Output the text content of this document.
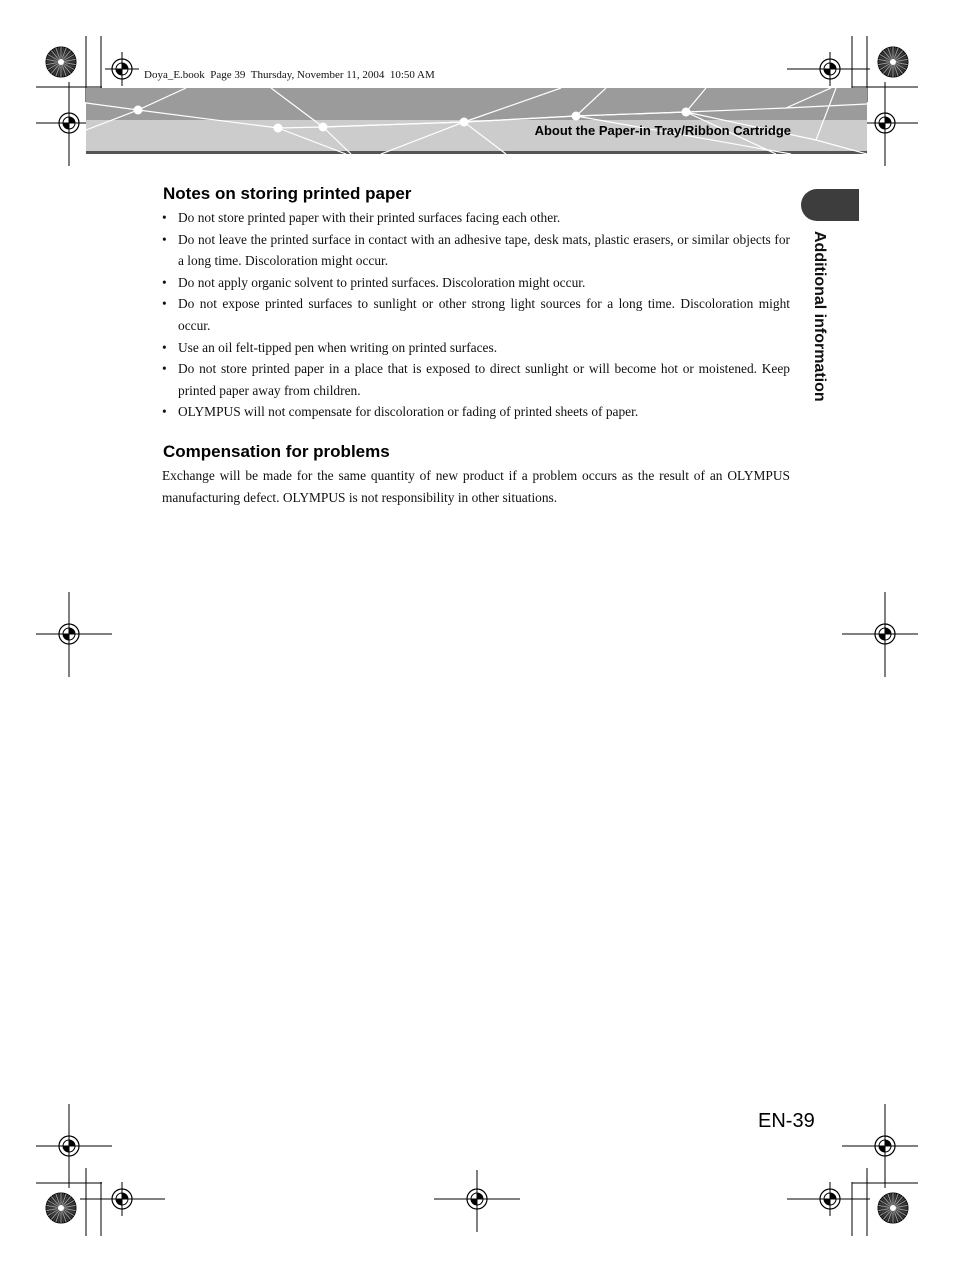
Doya_E.book  Page 39  Thursday, November 11, 2004  10:50 AM
About the Paper-in Tray/Ribbon Cartridge
Additional information
Notes on storing printed paper
• Do not store printed paper with their printed surfaces facing each other.
• Do not leave the printed surface in contact with an adhesive tape, desk mats, plastic erasers, or similar objects for a long time. Discoloration might occur.
• Do not apply organic solvent to printed surfaces. Discoloration might occur.
• Do not expose printed surfaces to sunlight or other strong light sources for a long time. Discoloration might occur.
• Use an oil felt-tipped pen when writing on printed surfaces.
• Do not store printed paper in a place that is exposed to direct sunlight or will become hot or moistened. Keep printed paper away from children.
• OLYMPUS will not compensate for discoloration or fading of printed sheets of paper.
Compensation for problems

Exchange will be made for the same quantity of new product if a problem occurs as the result of an OLYMPUS manufacturing defect. OLYMPUS is not responsibility in other situations.

EN-39
